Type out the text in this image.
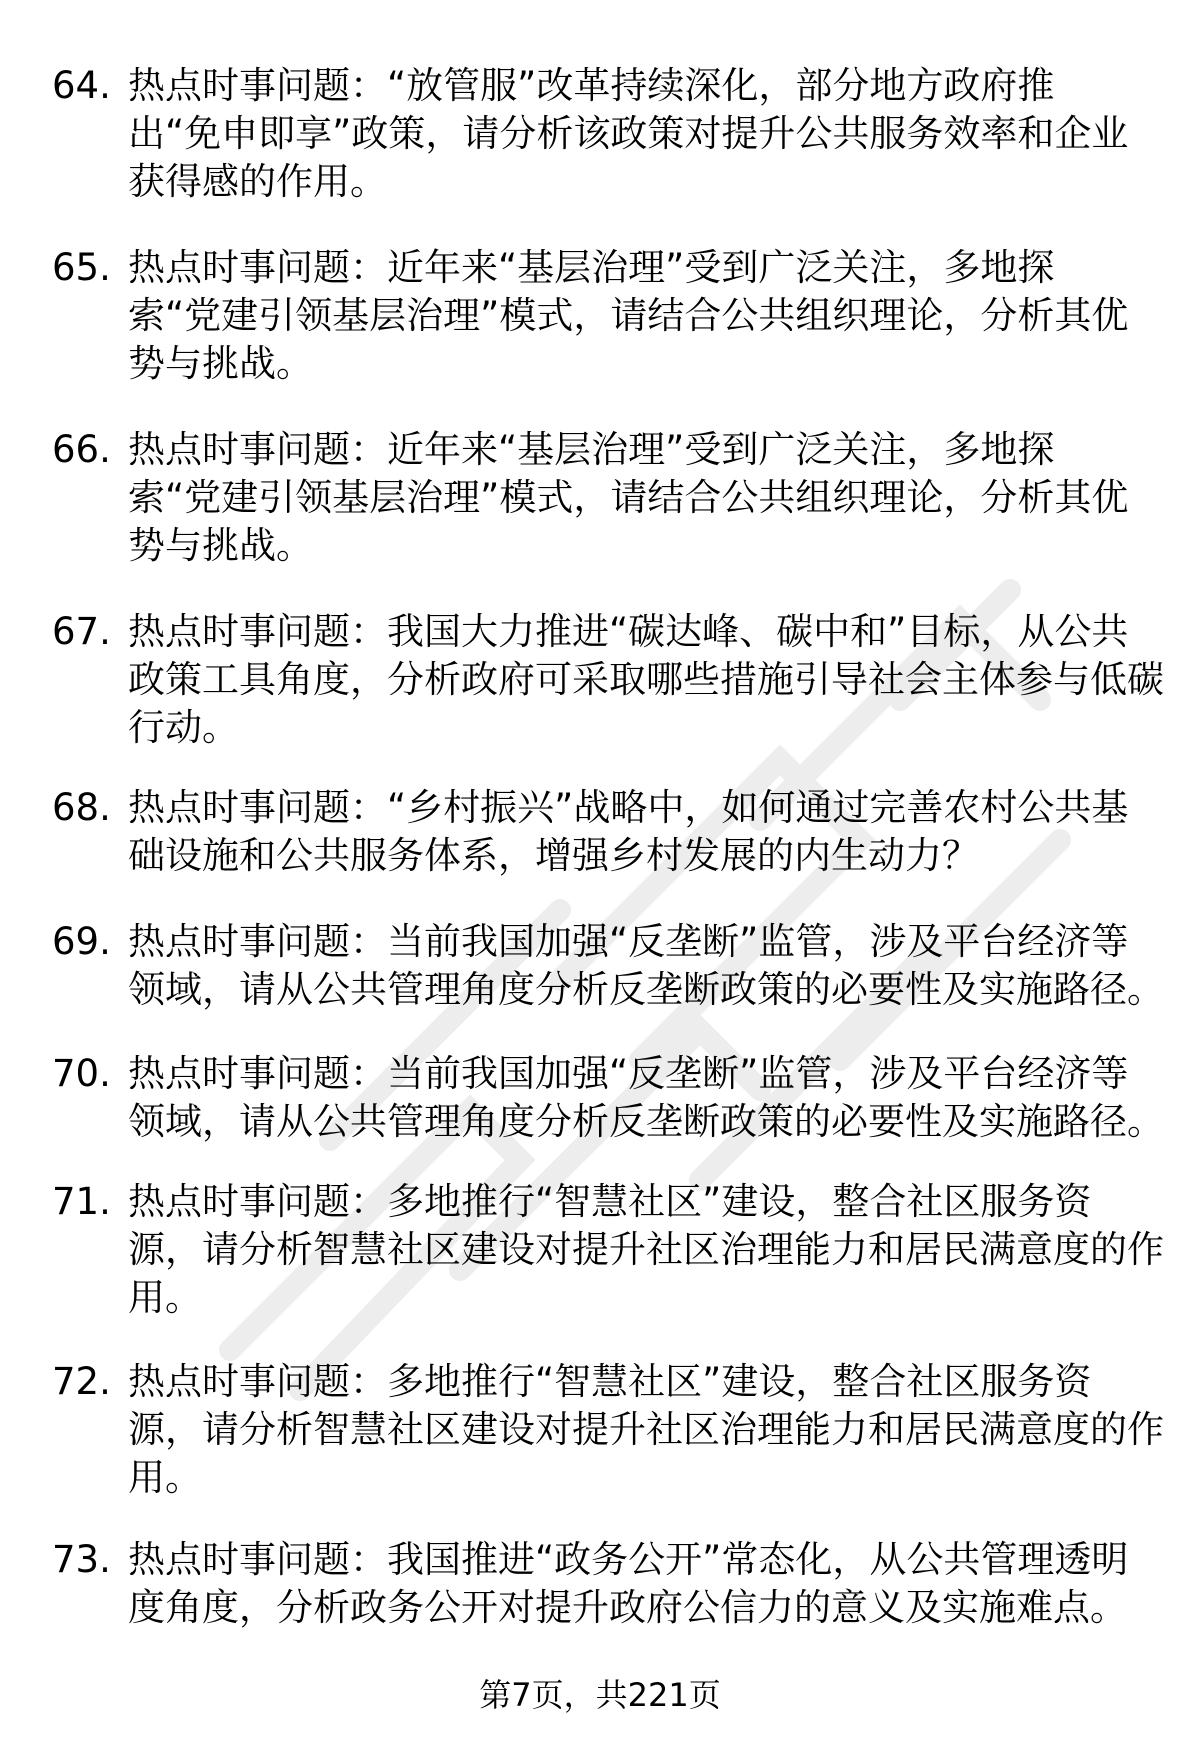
64. 热点时事问题：“放管服”改革持续深化，部分地方政府推
出“免申即享”政策，请分析该政策对提升公共服务效率和企业
获得感的作用。
65. 热点时事问题：近年来“基层治理”受到广泛关注，多地探
索“党建引领基层治理”模式，请结合公共组织理论，分析其优
势与挑战。
66. 热点时事问题：近年来“基层治理”受到广泛关注，多地探
索“党建引领基层治理”模式，请结合公共组织理论，分析其优
势与挑战。
67. 热点时事问题：我国大力推进“碳达峰、碳中和”目标，从公共
政策工具角度，分析政府可采取哪些措施引导社会主体参与低碳
行动。
68. 热点时事问题：“乡村振兴”战略中，如何通过完善农村公共基
础设施和公共服务体系，增强乡村发展的内生动力？
69. 热点时事问题：当前我国加强“反垄断”监管，涉及平台经济等
领域，请从公共管理角度分析反垄断政策的必要性及实施路径。
70. 热点时事问题：当前我国加强“反垄断”监管，涉及平台经济等
领域，请从公共管理角度分析反垄断政策的必要性及实施路径。
71. 热点时事问题：多地推行“智慧社区”建设，整合社区服务资
源，请分析智慧社区建设对提升社区治理能力和居民满意度的作
用。
72. 热点时事问题：多地推行“智慧社区”建设，整合社区服务资
源，请分析智慧社区建设对提升社区治理能力和居民满意度的作
用。
73. 热点时事问题：我国推进“政务公开”常态化，从公共管理透明
度角度，分析政务公开对提升政府公信力的意义及实施难点。
第7页，共221页
